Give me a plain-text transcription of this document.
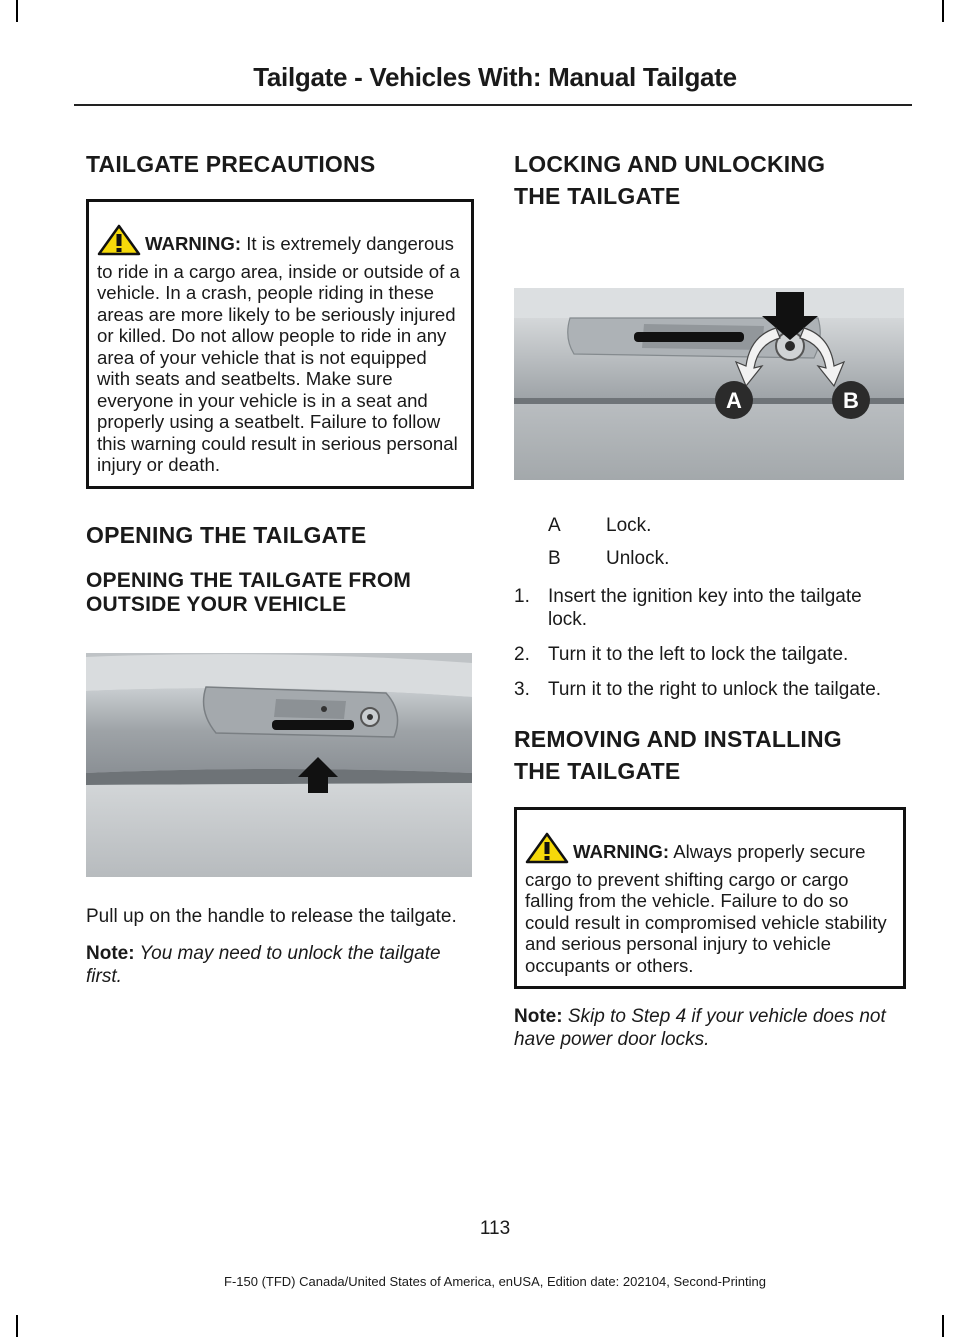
Tailgate - Vehicles With: Manual Tailgate
TAILGATE PRECAUTIONS

WARNING: It is extremely dangerous to ride in a cargo area, inside or outside of a vehicle. In a crash, people riding in these areas are more likely to be seriously injured or killed. Do not allow people to ride in any area of your vehicle that is not equipped with seats and seatbelts. Make sure everyone in your vehicle is in a seat and properly using a seatbelt. Failure to follow this warning could result in serious personal injury or death.

OPENING THE TAILGATE
OPENING THE TAILGATE FROM OUTSIDE YOUR VEHICLE

Pull up on the handle to release the tailgate.

Note: You may need to unlock the tailgate first.

LOCKING AND UNLOCKING
THE TAILGATE
A	B
A	Lock.
B	Unlock.
1. Insert the ignition key into the tailgate lock.
2. Turn it to the left to lock the tailgate.
3. Turn it to the right to unlock the tailgate.
REMOVING AND INSTALLING
THE TAILGATE

WARNING: Always properly secure cargo to prevent shifting cargo or cargo falling from the vehicle. Failure to do so could result in compromised vehicle stability and serious personal injury to vehicle occupants or others.

Note: Skip to Step 4 if your vehicle does not have power door locks.

113
F-150 (TFD) Canada/United States of America, enUSA, Edition date: 202104, Second-Printing
